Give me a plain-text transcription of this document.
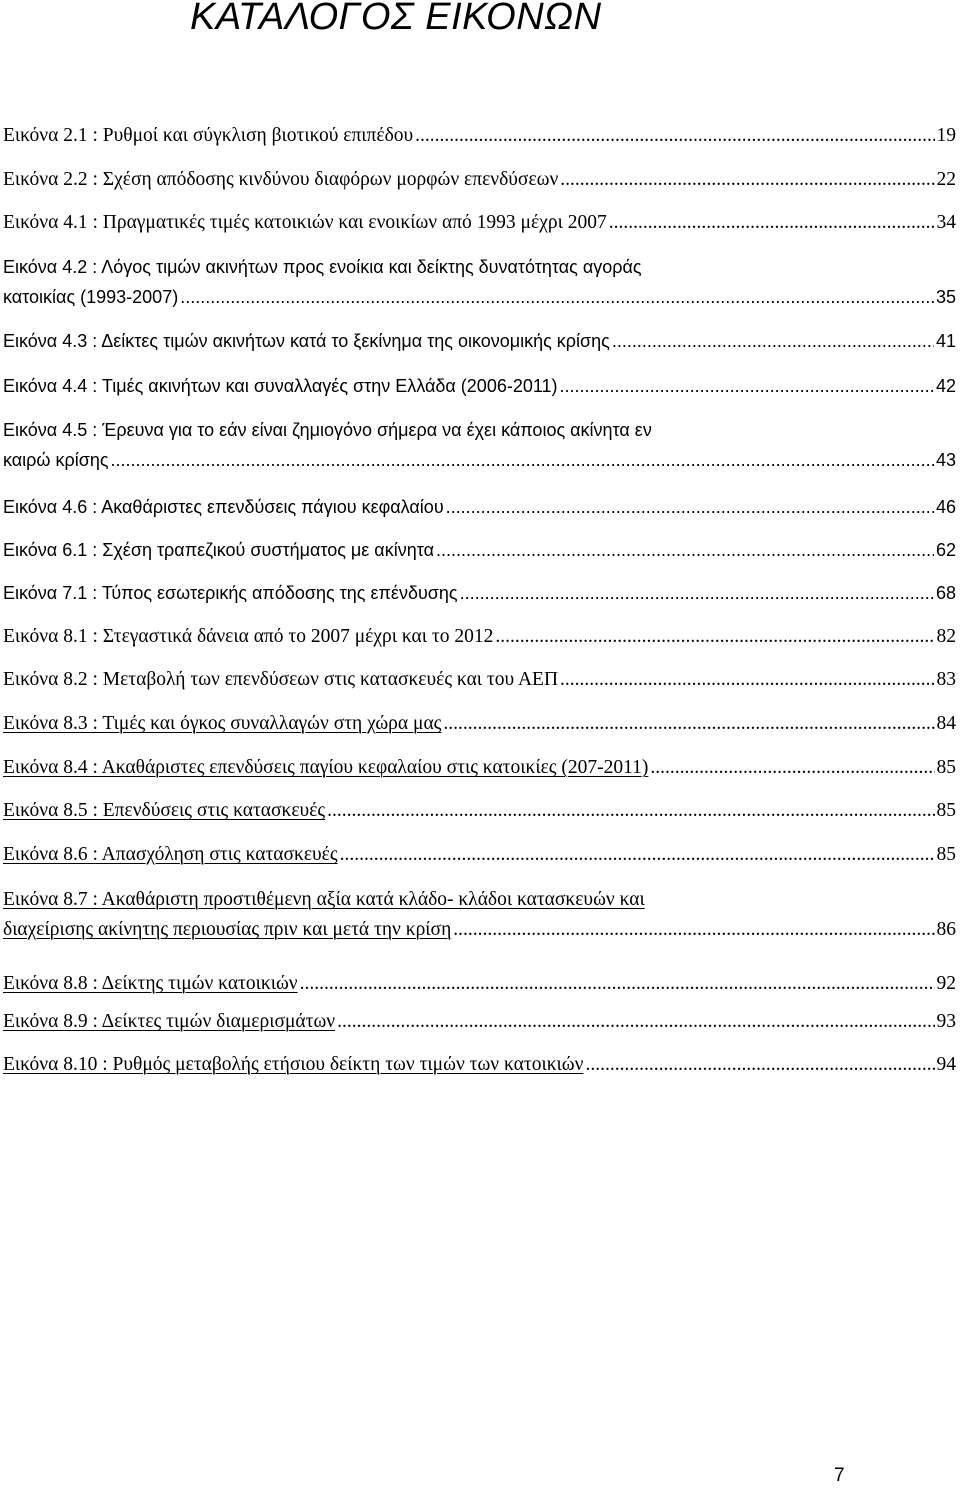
ΚΑΤΑΛΟΓΟΣ ΕΙΚΟΝΩΝ
Εικόνα 2.1 : Ρυθμοί και σύγκλιση βιοτικού επιπέδου .....	19
Εικόνα 2.2 : Σχέση απόδοσης κινδύνου διαφόρων μορφών επενδύσεων .....	22
Εικόνα 4.1 : Πραγματικές τιμές κατοικιών και ενοικίων από 1993 μέχρι 2007 .....	34
Εικόνα 4.2 : Λόγος τιμών ακινήτων προς ενοίκια και δείκτης δυνατότητας αγοράς
κατοικίας (1993-2007) .....	35
Εικόνα 4.3 : Δείκτες τιμών ακινήτων κατά το ξεκίνημα της οικονομικής κρίσης .....	41
Εικόνα 4.4 : Τιμές ακινήτων και συναλλαγές στην Ελλάδα (2006-2011) .....	42
Εικόνα 4.5 : Έρευνα για το εάν είναι ζημιογόνο σήμερα να έχει κάποιος ακίνητα εν
καιρώ κρίσης .....	43
Εικόνα 4.6 : Ακαθάριστες επενδύσεις πάγιου κεφαλαίου .....	46
Εικόνα 6.1 : Σχέση τραπεζικού συστήματος με ακίνητα .....	62
Εικόνα 7.1 : Τύπος εσωτερικής απόδοσης της επένδυσης .....	68
Εικόνα 8.1 : Στεγαστικά δάνεια από το 2007 μέχρι και το 2012 .....	82
Εικόνα 8.2 : Μεταβολή των επενδύσεων στις κατασκευές και του ΑΕΠ .....	83
Εικόνα 8.3 : Τιμές και όγκος συναλλαγών στη χώρα μας .....	84
Εικόνα 8.4 : Ακαθάριστες επενδύσεις παγίου κεφαλαίου στις κατοικίες (207-2011) .....	85
Εικόνα 8.5 : Επενδύσεις στις κατασκευές .....	85
Εικόνα 8.6 : Απασχόληση στις κατασκευές .....	85
Εικόνα 8.7 : Ακαθάριστη προστιθέμενη αξία κατά κλάδο- κλάδοι κατασκευών και
διαχείρισης ακίνητης περιουσίας πριν και μετά την κρίση .....	86
Εικόνα 8.8 : Δείκτης τιμών κατοικιών .....	92
Εικόνα 8.9 : Δείκτες τιμών διαμερισμάτων .....	93
Εικόνα 8.10 : Ρυθμός μεταβολής ετήσιου δείκτη των τιμών των κατοικιών .....	94
7
